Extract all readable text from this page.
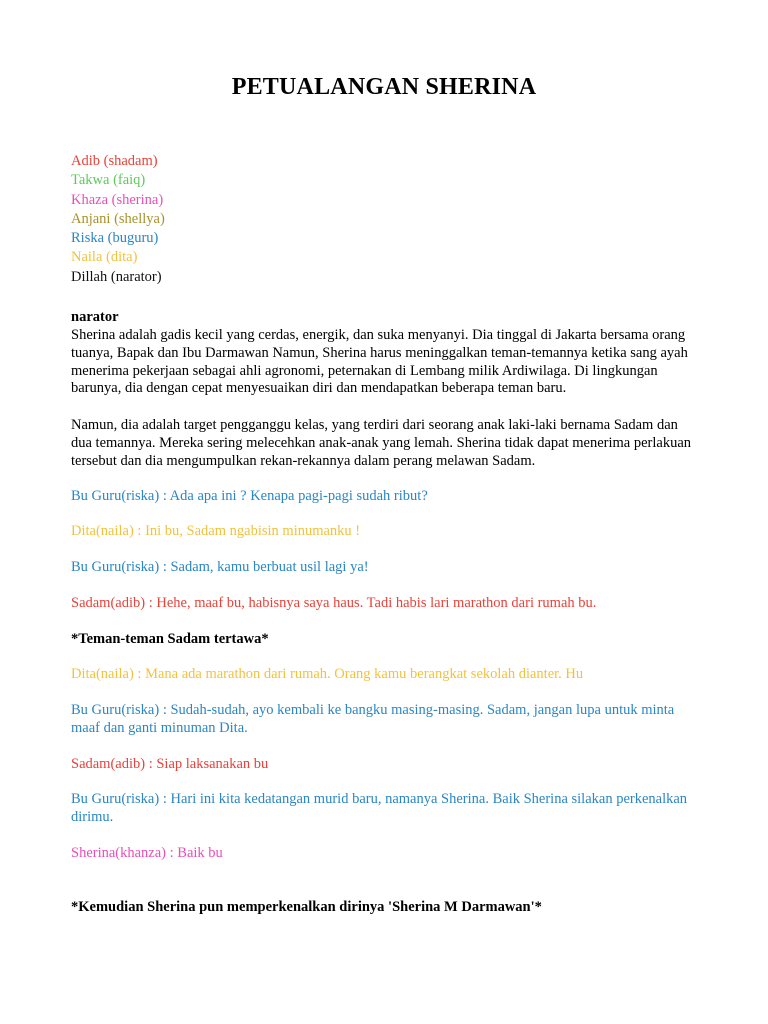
PETUALANGAN SHERINA
Adib (shadam)
Takwa (faiq)
Khaza (sherina)
Anjani (shellya)
Riska (buguru)
Naila (dita)
Dillah (narator)
narator
Sherina adalah gadis kecil yang cerdas, energik, dan suka menyanyi. Dia tinggal di Jakarta bersama orang tuanya, Bapak dan Ibu Darmawan Namun, Sherina harus meninggalkan teman-temannya ketika sang ayah menerima pekerjaan sebagai ahli agronomi, peternakan di Lembang milik Ardiwilaga. Di lingkungan barunya, dia dengan cepat menyesuaikan diri dan mendapatkan beberapa teman baru.
Namun, dia adalah target pengganggu kelas, yang terdiri dari seorang anak laki-laki bernama Sadam dan dua temannya. Mereka sering melecehkan anak-anak yang lemah. Sherina tidak dapat menerima perlakuan tersebut dan dia mengumpulkan rekan-rekannya dalam perang melawan Sadam.
Bu Guru(riska) : Ada apa ini ? Kenapa pagi-pagi sudah ribut?
Dita(naila) : Ini bu, Sadam ngabisin minumanku !
Bu Guru(riska) : Sadam, kamu berbuat usil lagi ya!
Sadam(adib) : Hehe, maaf bu, habisnya saya haus. Tadi habis lari marathon dari rumah bu.
*Teman-teman Sadam tertawa*
Dita(naila) : Mana ada marathon dari rumah. Orang kamu berangkat sekolah dianter. Hu
Bu Guru(riska) : Sudah-sudah, ayo kembali ke bangku masing-masing. Sadam, jangan lupa untuk minta maaf dan ganti minuman Dita.
Sadam(adib) : Siap laksanakan bu
Bu Guru(riska) : Hari ini kita kedatangan murid baru, namanya Sherina. Baik Sherina silakan perkenalkan dirimu.
Sherina(khanza) : Baik bu
*Kemudian Sherina pun memperkenalkan dirinya 'Sherina M Darmawan'*
